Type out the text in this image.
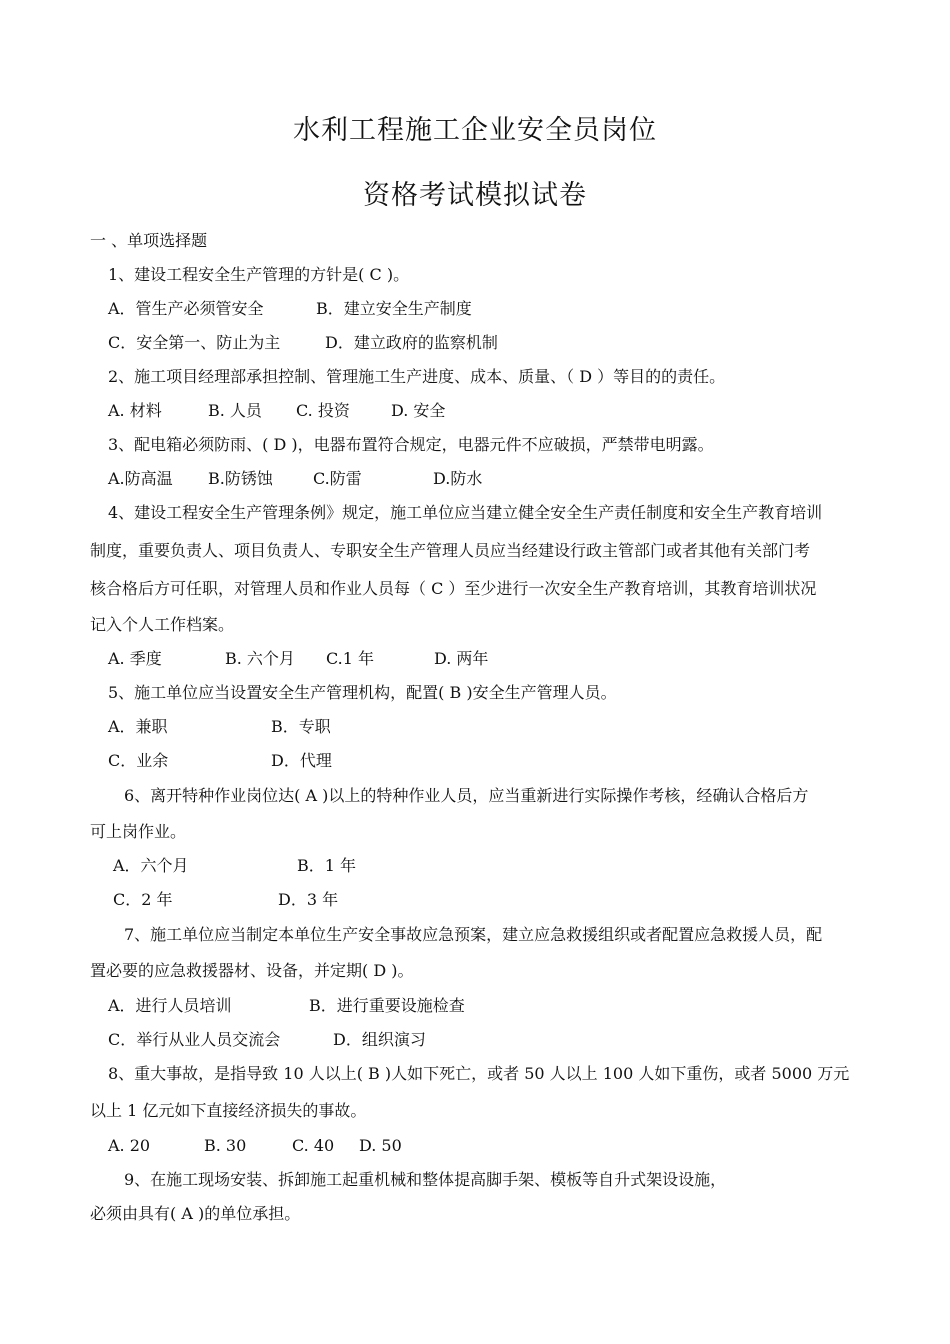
水利工程施工企业安全员岗位
资格考试模拟试卷
一 、单项选择题
1、建设工程安全生产管理的方针是( C )。
A．管生产必须管安全	B．建立安全生产制度
C．安全第一、防止为主	D．建立政府的监察机制
2、施工项目经理部承担控制、管理施工生产进度、成本、质量、（ D ）等目的的责任。
A. 材料	B. 人员 C. 投资	D. 安全
3、配电箱必须防雨、( D )，电器布置符合规定，电器元件不应破损，严禁带电明露。
A.防高温 B.防锈蚀	C.防雷	D.防水
4、建设工程安全生产管理条例》规定，施工单位应当建立健全安全生产责任制度和安全生产教育培训
制度，重要负责人、项目负责人、专职安全生产管理人员应当经建设行政主管部门或者其他有关部门考
核合格后方可任职，对管理人员和作业人员每（ C ）至少进行一次安全生产教育培训，其教育培训状况
记入个人工作档案。
A. 季度	B. 六个月 C.1 年	D. 两年
5、施工单位应当设置安全生产管理机构，配置( B )安全生产管理人员。
A．兼职	B．专职
C．业余	D．代理
6、离开特种作业岗位达( A )以上的特种作业人员，应当重新进行实际操作考核，经确认合格后方
可上岗作业。
A．六个月	B．1 年
C．2 年	D．3 年
7、施工单位应当制定本单位生产安全事故应急预案，建立应急救援组织或者配置应急救援人员，配
置必要的应急救援器材、设备，并定期( D )。
A．进行人员培训	B．进行重要设施检查
C．举行从业人员交流会	D．组织演习
8、重大事故，是指导致 10 人以上( B )人如下死亡，或者 50 人以上 100 人如下重伤，或者 5000 万元
以上 1 亿元如下直接经济损失的事故。
A. 20	B. 30	C. 40 D. 50
9、在施工现场安装、拆卸施工起重机械和整体提高脚手架、模板等自升式架设设施，
必须由具有( A )的单位承担。
